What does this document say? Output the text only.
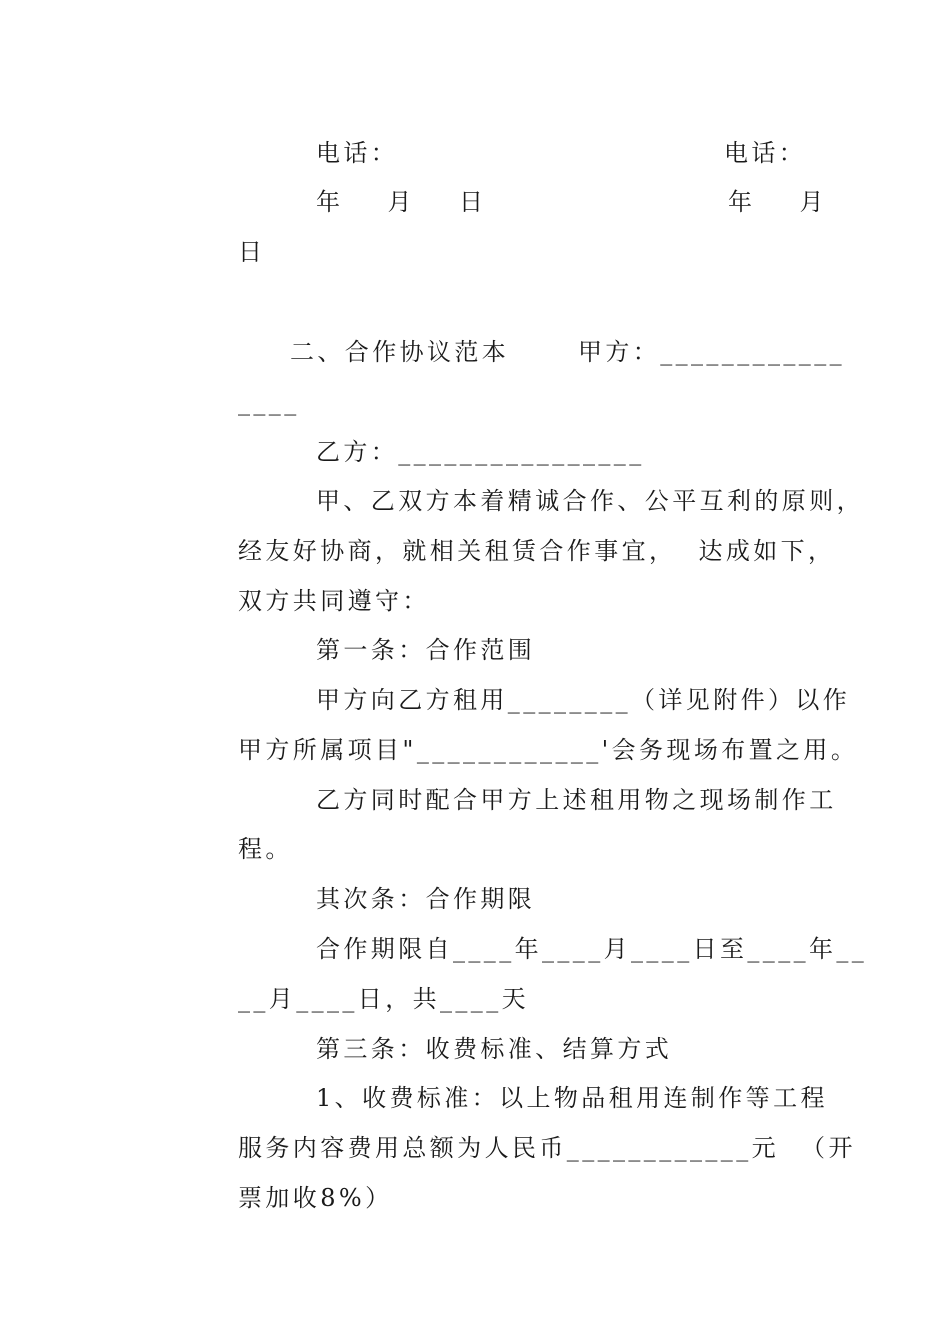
电话：	电话：
年    月    日	年    月
日
二、合作协议范本	甲方：____________
____
乙方：________________
甲、乙双方本着精诚合作、公平互利的原则，
经友好协商，就相关租赁合作事宜，  达成如下，
双方共同遵守：
第一条：合作范围
甲方向乙方租用________（详见附件）以作
甲方所属项目"____________'会务现场布置之用。
乙方同时配合甲方上述租用物之现场制作工
程。
其次条：合作期限
合作期限自____年____月____日至____年__
__月____日，共____天
第三条：收费标准、结算方式
1、收费标准：以上物品租用连制作等工程
服务内容费用总额为人民币____________元  （开
票加收8%）
